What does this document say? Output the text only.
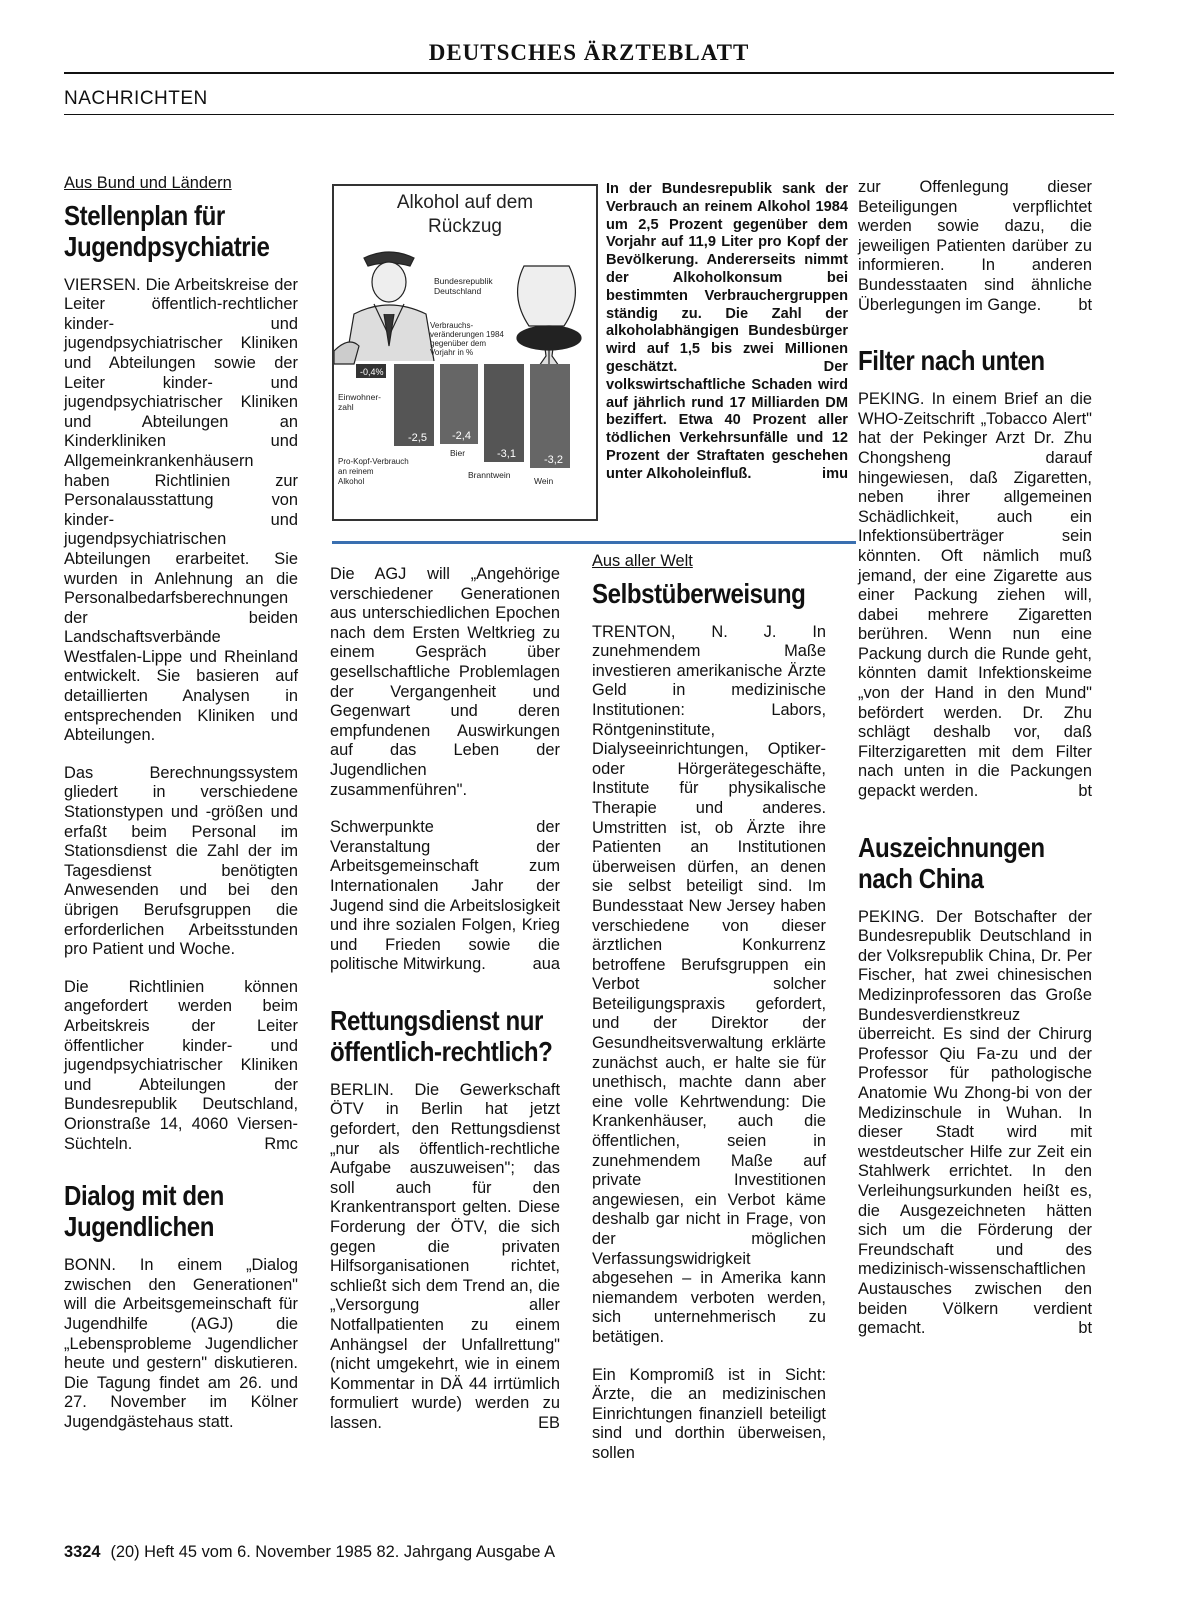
DEUTSCHES ÄRZTEBLATT
NACHRICHTEN
Aus Bund und Ländern
Stellenplan für Jugendpsychiatrie

VIERSEN. Die Arbeitskreise der Leiter öffentlich-rechtlicher kinder- und jugendpsychiatrischer Kliniken und Abteilungen sowie der Leiter kinder- und jugendpsychiatrischer Kliniken und Abteilungen an Kinderkliniken und Allgemeinkrankenhäusern haben Richtlinien zur Personalausstattung von kinder- und jugendpsychiatrischen Abteilungen erarbeitet. Sie wurden in Anlehnung an die Personalbedarfsberechnungen der beiden Landschaftsverbände Westfalen-Lippe und Rheinland entwickelt. Sie basieren auf detaillierten Analysen in entsprechenden Kliniken und Abteilungen.

Das Berechnungssystem gliedert in verschiedene Stationstypen und -größen und erfaßt beim Personal im Stationsdienst die Zahl der im Tagesdienst benötigten Anwesenden und bei den übrigen Berufsgruppen die erforderlichen Arbeitsstunden pro Patient und Woche.

Die Richtlinien können angefordert werden beim Arbeitskreis der Leiter öffentlicher kinder- und jugendpsychiatrischer Kliniken und Abteilungen der Bundesrepublik Deutschland, Orionstraße 14, 4060 Viersen-Süchteln.	Rmc

Dialog mit den Jugendlichen

BONN. In einem „Dialog zwischen den Generationen" will die Arbeitsgemeinschaft für Jugendhilfe (AGJ) die „Lebensprobleme Jugendlicher heute und gestern" diskutieren. Die Tagung findet am 26. und 27. November im Kölner Jugendgästehaus statt.

Alkohol auf dem
Rückzug
Bundesrepublik
Deutschland
Verbrauchs-
veränderungen 1984
gegenüber dem
Vorjahr in %
-0,4%
Einwohner-
zahl
-2,5 -2,4
-3,1	-3,2
Pro-Kopf-Verbrauch
an reinem
Alkohol
Bier
Branntwein
Wein
In der Bundesrepublik sank der Verbrauch an reinem Alkohol 1984 um 2,5 Prozent gegenüber dem Vorjahr auf 11,9 Liter pro Kopf der Bevölkerung. Andererseits nimmt der Alkoholkonsum bei bestimmten Verbrauchergruppen ständig zu. Die Zahl der alkoholabhängigen Bundesbürger wird auf 1,5 bis zwei Millionen geschätzt. Der volkswirtschaftliche Schaden wird auf jährlich rund 17 Milliarden DM beziffert. Etwa 40 Prozent aller tödlichen Verkehrsunfälle und 12 Prozent der Straftaten geschehen unter Alkoholeinfluß.	imu

Die AGJ will „Angehörige verschiedener Generationen aus unterschiedlichen Epochen nach dem Ersten Weltkrieg zu einem Gespräch über gesellschaftliche Problemlagen der Vergangenheit und Gegenwart und deren empfundenen Auswirkungen auf das Leben der Jugendlichen zusammenführen".

Schwerpunkte der Veranstaltung der Arbeitsgemeinschaft zum Internationalen Jahr der Jugend sind die Arbeitslosigkeit und ihre sozialen Folgen, Krieg und Frieden sowie die politische Mitwirkung.	aua

Rettungsdienst nur öffentlich-rechtlich?

BERLIN. Die Gewerkschaft ÖTV in Berlin hat jetzt gefordert, den Rettungsdienst „nur als öffentlich-rechtliche Aufgabe auszuweisen"; das soll auch für den Krankentransport gelten. Diese Forderung der ÖTV, die sich gegen die privaten Hilfsorganisationen richtet, schließt sich dem Trend an, die „Versorgung aller Notfallpatienten zu einem Anhängsel der Unfallrettung" (nicht umgekehrt, wie in einem Kommentar in DÄ 44 irrtümlich formuliert wurde) werden zu lassen.	EB

Aus aller Welt
Selbstüberweisung

TRENTON, N. J. In zunehmendem Maße investieren amerikanische Ärzte Geld in medizinische Institutionen: Labors, Röntgeninstitute, Dialyseeinrichtungen, Optiker- oder Hörgerätegeschäfte, Institute für physikalische Therapie und anderes. Umstritten ist, ob Ärzte ihre Patienten an Institutionen überweisen dürfen, an denen sie selbst beteiligt sind. Im Bundesstaat New Jersey haben verschiedene von dieser ärztlichen Konkurrenz betroffene Berufsgruppen ein Verbot solcher Beteiligungspraxis gefordert, und der Direktor der Gesundheitsverwaltung erklärte zunächst auch, er halte sie für unethisch, machte dann aber eine volle Kehrtwendung: Die Krankenhäuser, auch die öffentlichen, seien in zunehmendem Maße auf private Investitionen angewiesen, ein Verbot käme deshalb gar nicht in Frage, von der möglichen Verfassungswidrigkeit abgesehen – in Amerika kann niemandem verboten werden, sich unternehmerisch zu betätigen.

Ein Kompromiß ist in Sicht: Ärzte, die an medizinischen Einrichtungen finanziell beteiligt sind und dorthin überweisen, sollen

zur Offenlegung dieser Beteiligungen verpflichtet werden sowie dazu, die jeweiligen Patienten darüber zu informieren. In anderen Bundesstaaten sind ähnliche Überlegungen im Gange. bt

Filter nach unten

PEKING. In einem Brief an die WHO-Zeitschrift „Tobacco Alert" hat der Pekinger Arzt Dr. Zhu Chongsheng darauf hingewiesen, daß Zigaretten, neben ihrer allgemeinen Schädlichkeit, auch ein Infektionsüberträger sein könnten. Oft nämlich muß jemand, der eine Zigarette aus einer Packung ziehen will, dabei mehrere Zigaretten berühren. Wenn nun eine Packung durch die Runde geht, könnten damit Infektionskeime „von der Hand in den Mund" befördert werden. Dr. Zhu schlägt deshalb vor, daß Filterzigaretten mit dem Filter nach unten in die Packungen gepackt werden.	bt

Auszeichnungen nach China

PEKING. Der Botschafter der Bundesrepublik Deutschland in der Volksrepublik China, Dr. Per Fischer, hat zwei chinesischen Medizinprofessoren das Große Bundesverdienstkreuz überreicht. Es sind der Chirurg Professor Qiu Fa-zu und der Professor für pathologische Anatomie Wu Zhong-bi von der Medizinschule in Wuhan. In dieser Stadt wird mit westdeutscher Hilfe zur Zeit ein Stahlwerk errichtet. In den Verleihungsurkunden heißt es, die Ausgezeichneten hätten sich um die Förderung der Freundschaft und des medizinisch-wissenschaftlichen Austausches zwischen den beiden Völkern verdient gemacht.	bt

3324 (20) Heft 45 vom 6. November 1985 82. Jahrgang Ausgabe A
